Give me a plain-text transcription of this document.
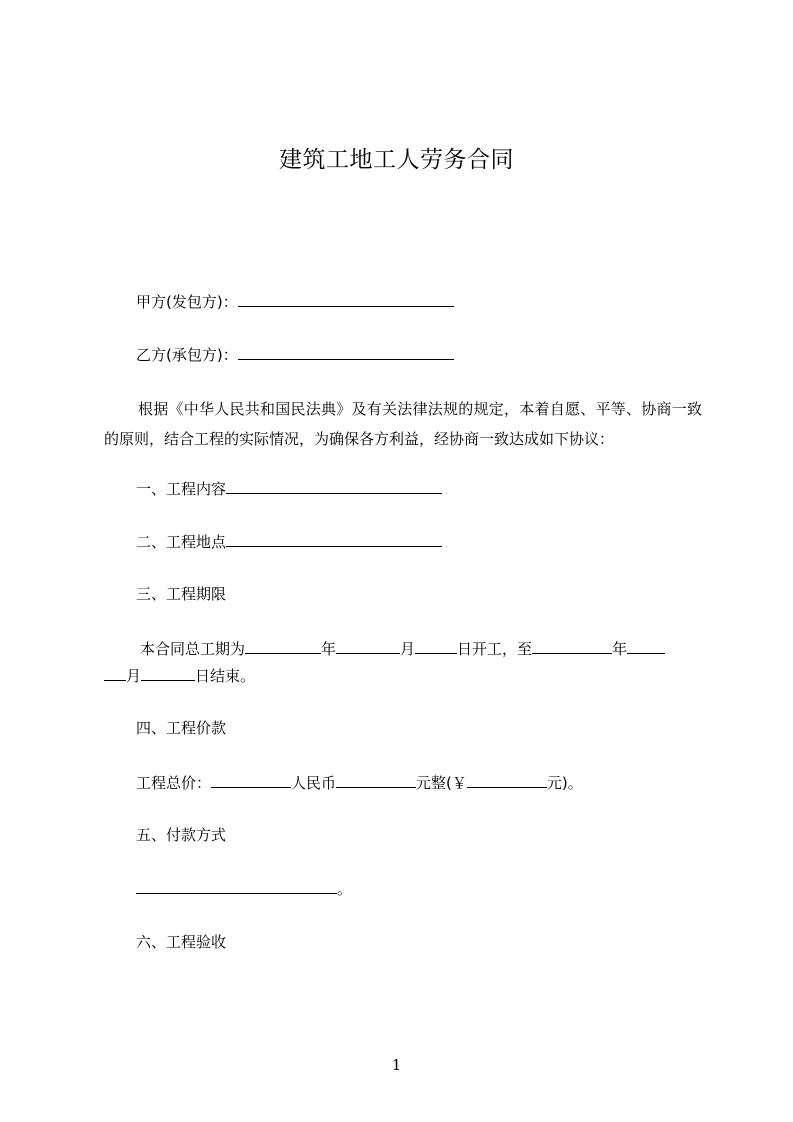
建筑工地工人劳务合同
甲方(发包方)：
乙方(承包方)：
根据《中华人民共和国民法典》及有关法律法规的规定，本着自愿、平等、协商一致的原则，结合工程的实际情况，为确保各方利益，经协商一致达成如下协议：
一、工程内容
二、工程地点
三、工程期限
本合同总工期为	年	月	日开工，至	年
月	日结束。
四、工程价款
工程总价：	人民币	元整(￥	元)。
五、付款方式
。
六、工程验收
1
